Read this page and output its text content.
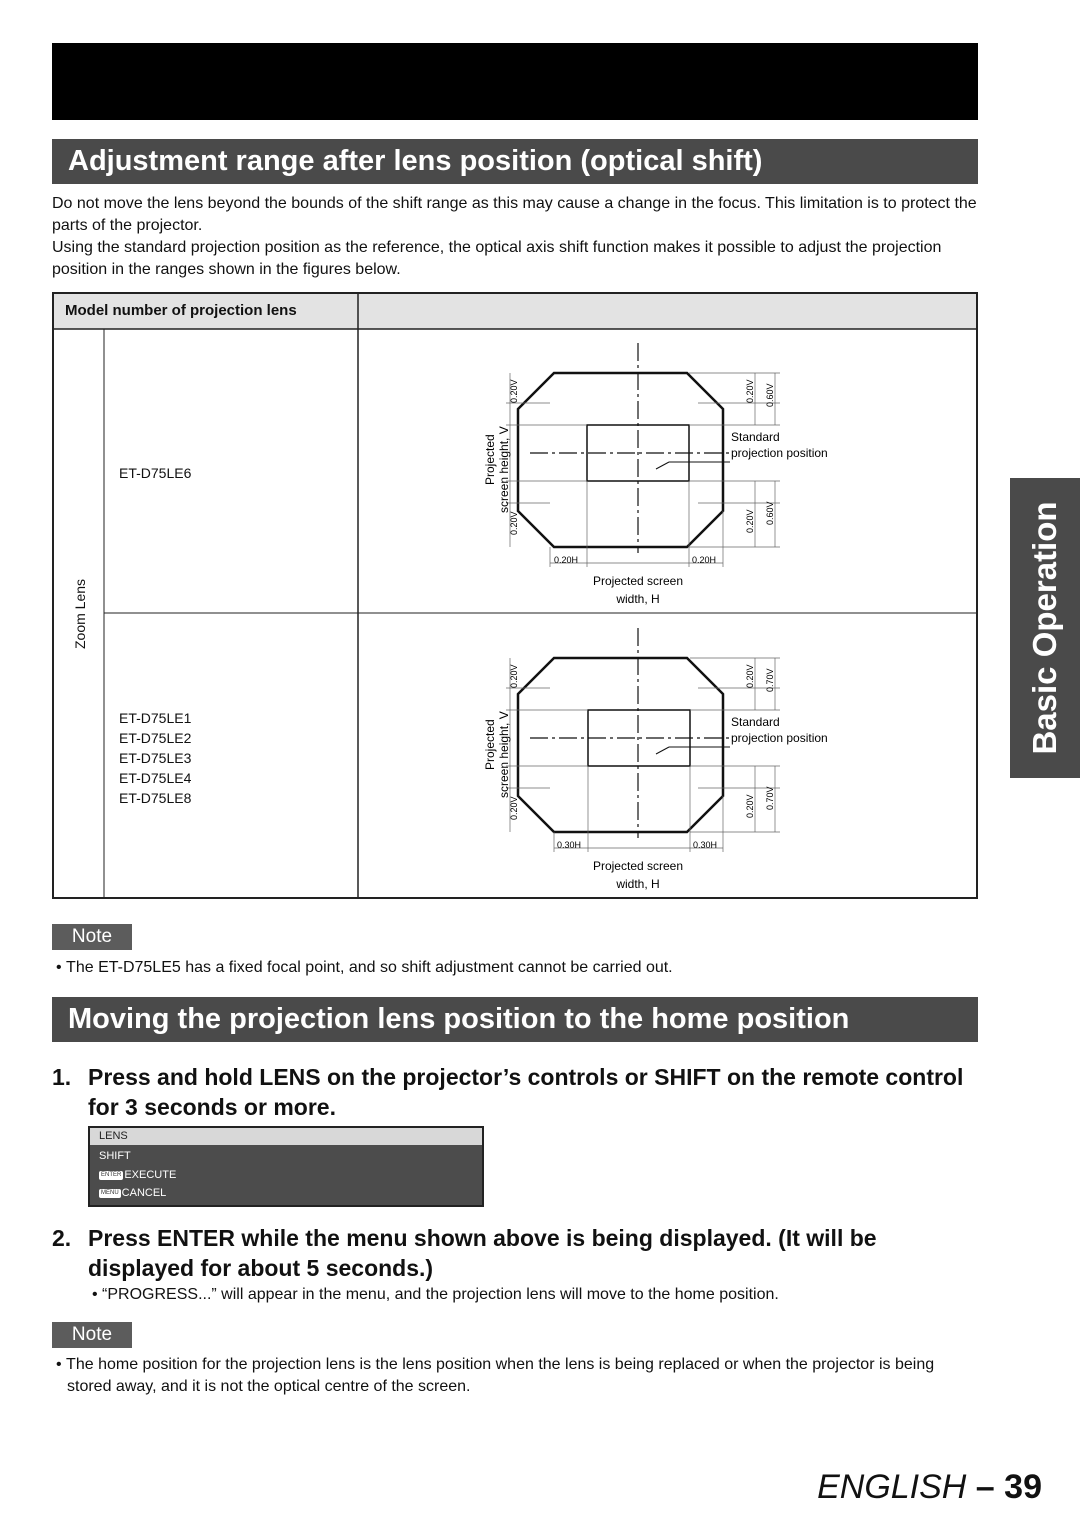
Adjustment range after lens position (optical shift)
Do not move the lens beyond the bounds of the shift range as this may cause a change in the focus. This limitation is to protect the parts of the projector.
Using the standard projection position as the reference, the optical axis shift function makes it possible to adjust the projection position in the ranges shown in the figures below.
Basic Operation
Model number of projection lens
Zoom Lens
ET-D75LE6
ET-D75LE1
ET-D75LE2
ET-D75LE3
ET-D75LE4
ET-D75LE8
Projected screen height, V
0.20V
0.20V
0.20V 0.60V
0.20V 0.60V
Standard
projection position
0.20H	0.20H
Projected screen
width, H
Projected screen height, V
0.20V
0.20V
0.20V 0.70V
0.20V 0.70V
Standard
projection position
0.30H	0.30H
Projected screen
width, H
Note
• The ET-D75LE5 has a fixed focal point, and so shift adjustment cannot be carried out.
Moving the projection lens position to the home position
1. Press and hold LENS on the projector’s controls or SHIFT on the remote control for 3 seconds or more.
LENS
SHIFT
ENTER EXECUTE
MENU CANCEL
2. Press ENTER while the menu shown above is being displayed. (It will be displayed for about 5 seconds.)
• “PROGRESS...” will appear in the menu, and the projection lens will move to the home position.
Note
• The home position for the projection lens is the lens position when the lens is being replaced or when the projector is being stored away, and it is not the optical centre of the screen.
ENGLISH – 39
